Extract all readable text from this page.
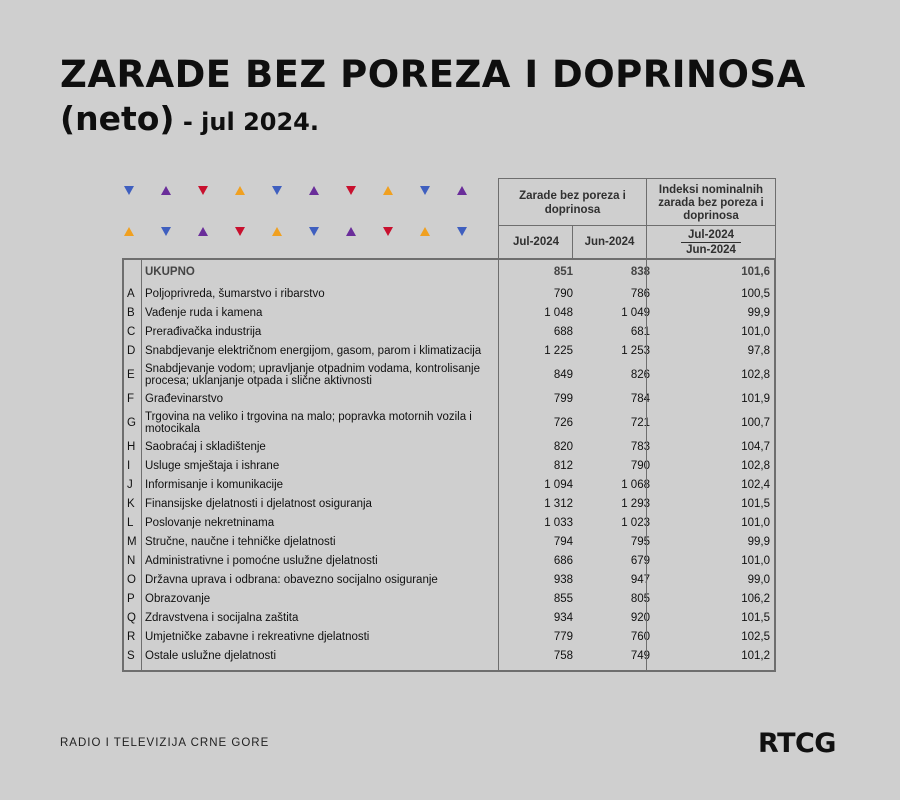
ZARADE BEZ POREZA I DOPRINOSA
(neto) - jul 2024.
Zarade bez poreza i doprinosa
Jul-2024	Jun-2024
Indeksi nominalnih zarada bez poreza i doprinosa
Jul-2024
Jun-2024
	UKUPNO	851	838	101,6
A	Poljoprivreda, šumarstvo i ribarstvo	790	786	100,5
B	Vađenje ruda i kamena	1 048	1 049	99,9
C	Prerađivačka industrija	688	681	101,0
D	Snabdjevanje električnom energijom, gasom, parom i klimatizacija	1 225	1 253	97,8
E	Snabdjevanje vodom; upravljanje otpadnim vodama, kontrolisanje procesa; uklanjanje otpada i slične aktivnosti	849	826	102,8
F	Građevinarstvo	799	784	101,9
G	Trgovina na veliko i trgovina na malo; popravka motornih vozila i motocikala	726	721	100,7
H	Saobraćaj i skladištenje	820	783	104,7
I	Usluge smještaja i ishrane	812	790	102,8
J	Informisanje i komunikacije	1 094	1 068	102,4
K	Finansijske djelatnosti i djelatnost osiguranja	1 312	1 293	101,5
L	Poslovanje nekretninama	1 033	1 023	101,0
M	Stručne, naučne i tehničke djelatnosti	794	795	99,9
N	Administrativne i pomoćne uslužne djelatnosti	686	679	101,0
O	Državna uprava i odbrana: obavezno socijalno osiguranje	938	947	99,0
P	Obrazovanje	855	805	106,2
Q	Zdravstvena i socijalna zaštita	934	920	101,5
R	Umjetničke zabavne i rekreativne djelatnosti	779	760	102,5
S	Ostale uslužne djelatnosti	758	749	101,2
RADIO I TELEVIZIJA CRNE GORE	RTCG
